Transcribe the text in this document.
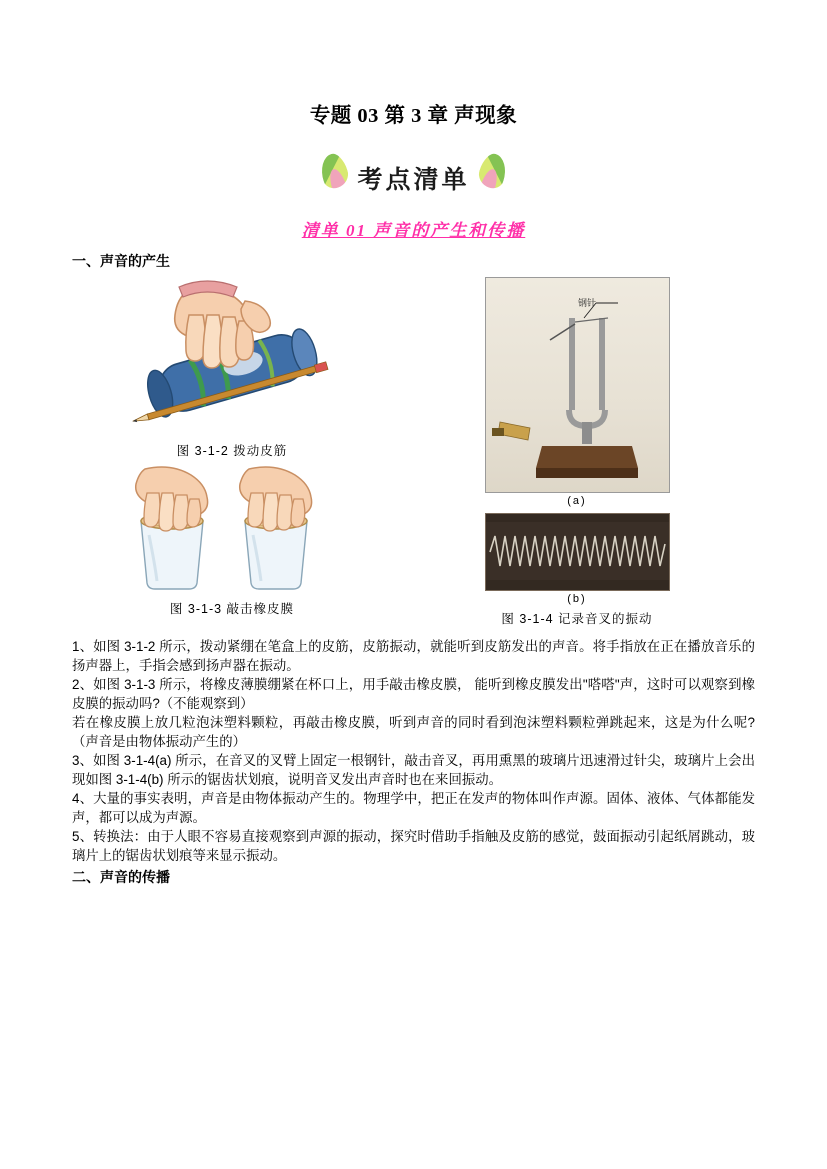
专题 03 第 3 章 声现象
考点清单
清单 01 声音的产生和传播
一、声音的产生
图 3-1-2 拨动皮筋
图 3-1-3 敲击橡皮膜
钢针
(a)
(b)
图 3-1-4 记录音叉的振动

1、如图 3-1-2 所示，拨动紧绷在笔盒上的皮筋，皮筋振动，就能听到皮筋发出的声音。将手指放在正在播放音乐的扬声器上，手指会感到扬声器在振动。

2、如图 3-1-3 所示，将橡皮薄膜绷紧在杯口上，用手敲击橡皮膜， 能听到橡皮膜发出"嗒嗒"声，这时可以观察到橡皮膜的振动吗?（不能观察到）

若在橡皮膜上放几粒泡沫塑料颗粒，再敲击橡皮膜，听到声音的同时看到泡沫塑料颗粒弹跳起来，这是为什么呢?（声音是由物体振动产生的）

3、如图 3-1-4(a) 所示，在音叉的叉臂上固定一根钢针，敲击音叉，再用熏黑的玻璃片迅速滑过针尖，玻璃片上会出现如图 3-1-4(b) 所示的锯齿状划痕，说明音叉发出声音时也在来回振动。

4、大量的事实表明，声音是由物体振动产生的。物理学中，把正在发声的物体叫作声源。固体、液体、气体都能发声，都可以成为声源。

5、转换法：由于人眼不容易直接观察到声源的振动，探究时借助手指触及皮筋的感觉，鼓面振动引起纸屑跳动，玻璃片上的锯齿状划痕等来显示振动。

二、声音的传播
